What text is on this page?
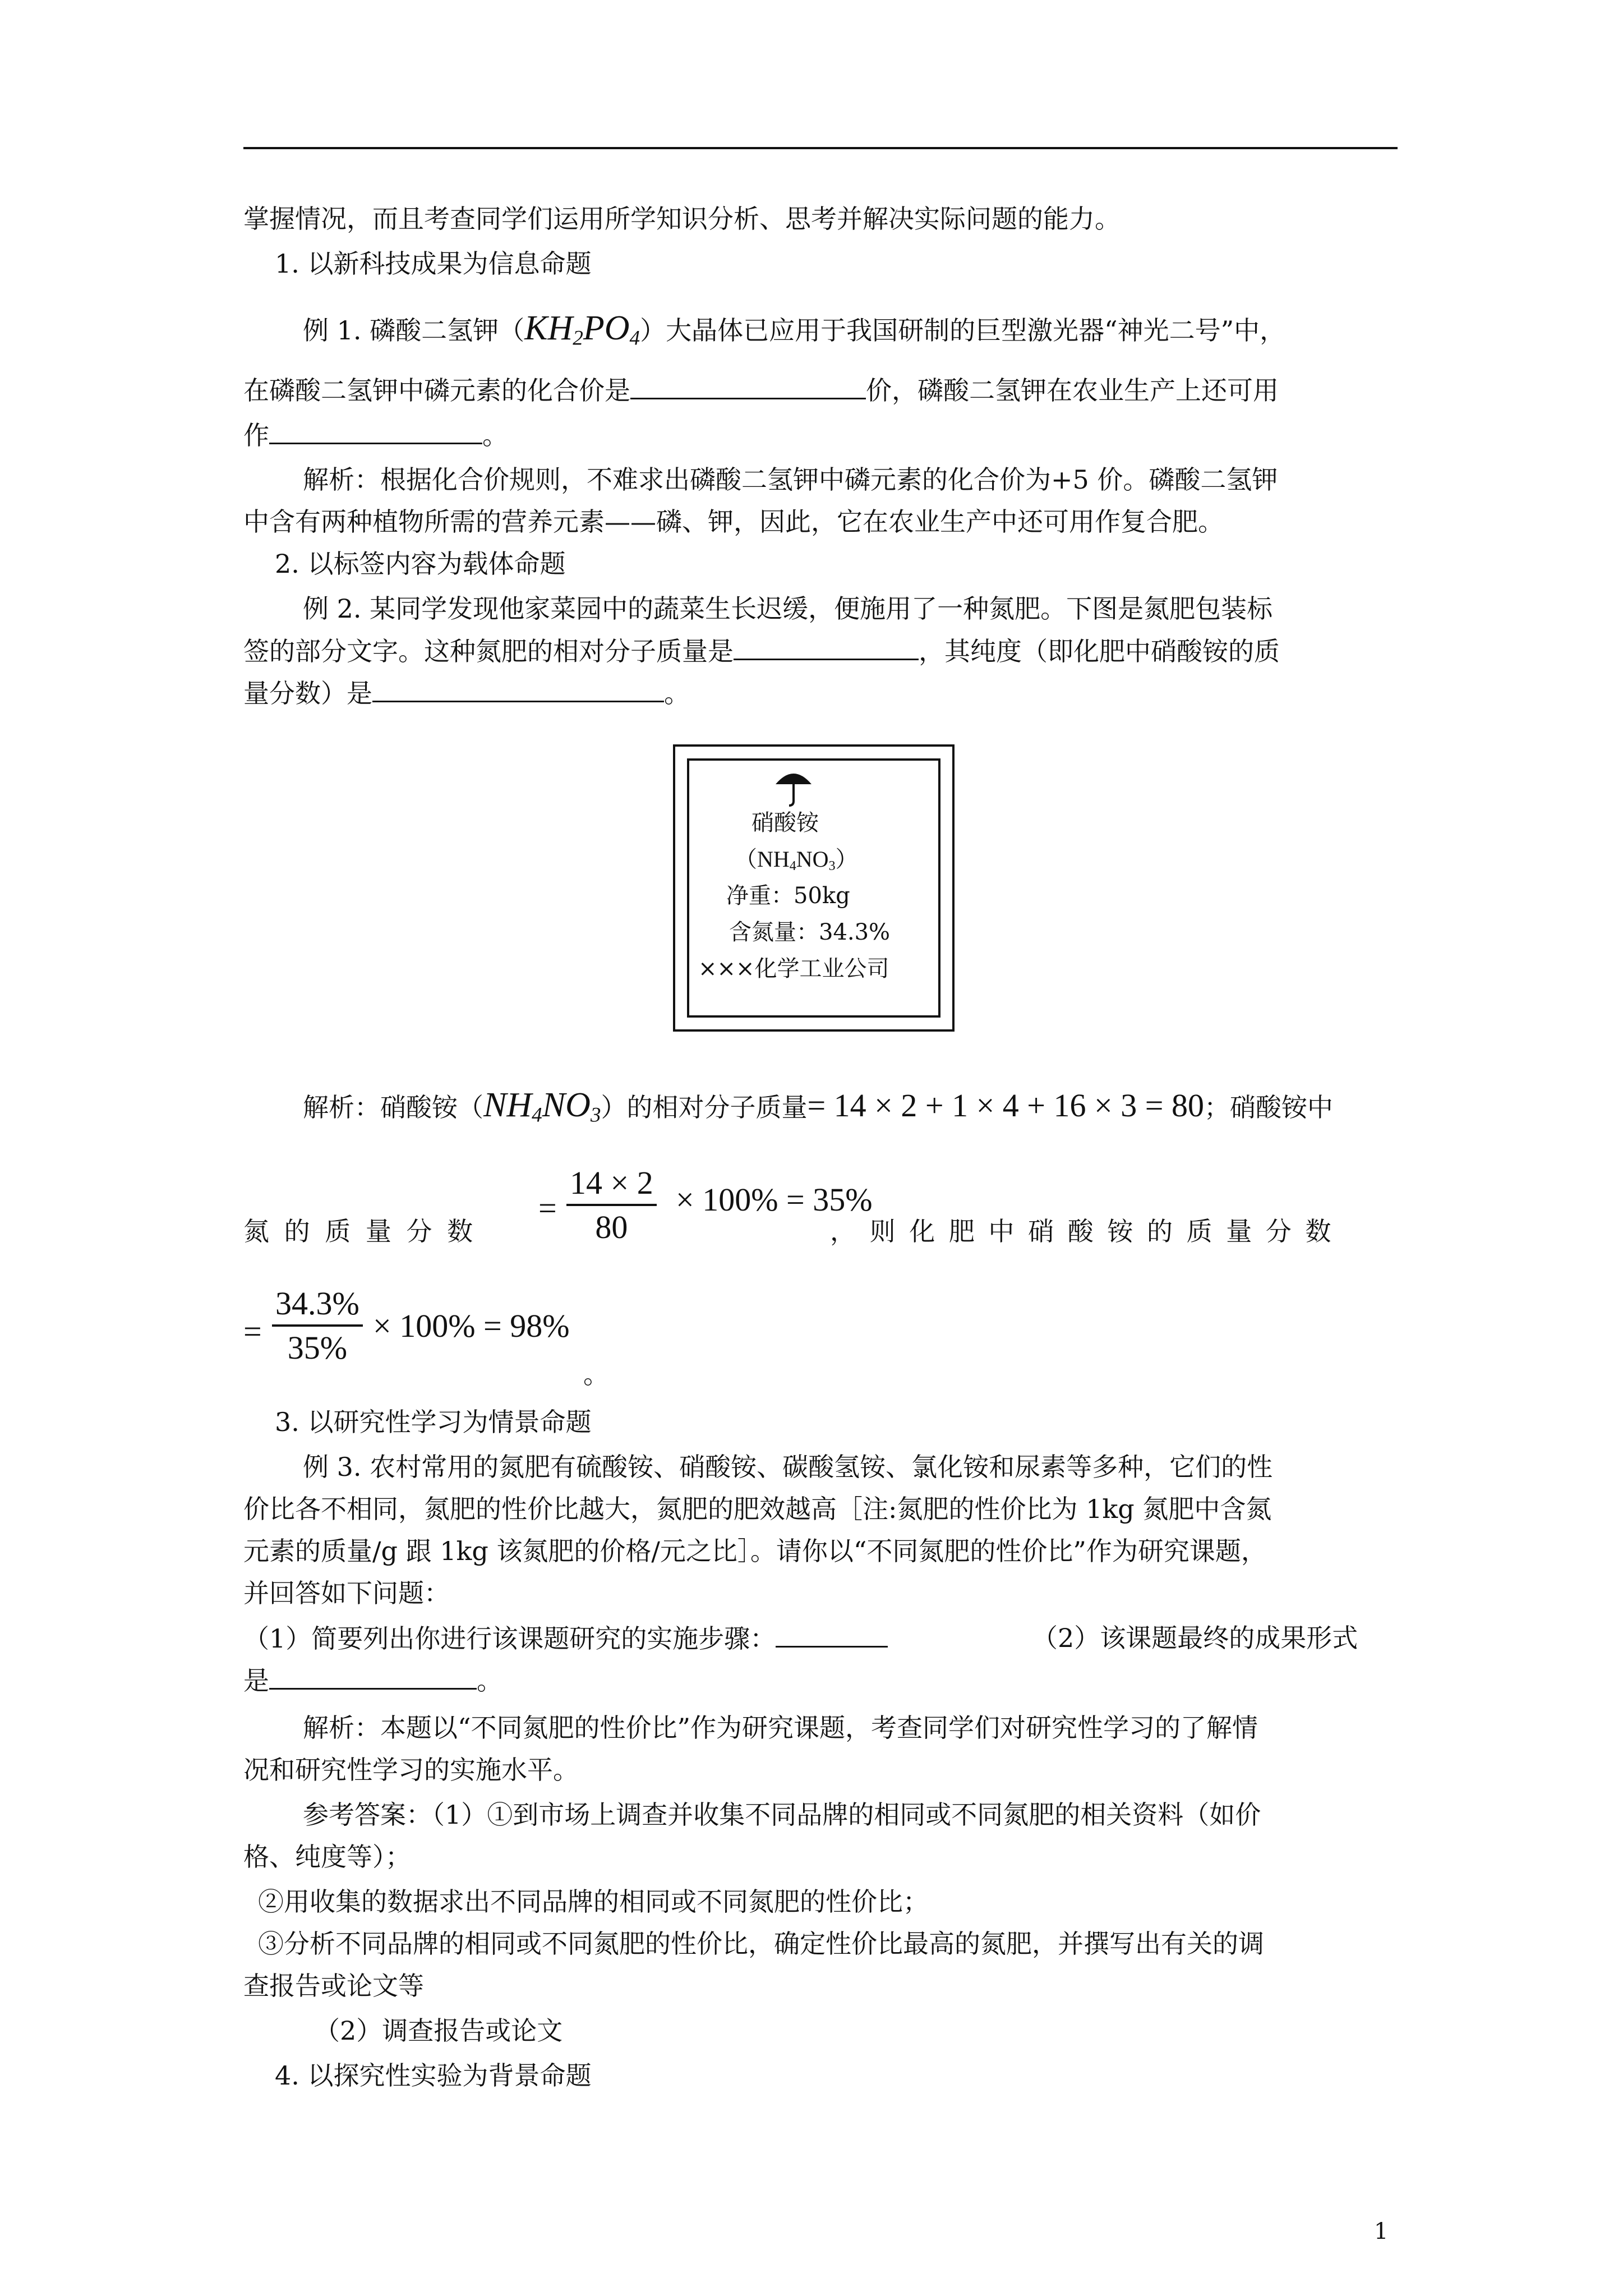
掌握情况，而且考查同学们运用所学知识分析、思考并解决实际问题的能力。
1. 以新科技成果为信息命题
例 1. 磷酸二氢钾$(KH_2PO_4)$大晶体已应用于我国研制的巨型激光器“神光二号”中，
在磷酸二氢钾中磷元素的化合价是	价，磷酸二氢钾在农业生产上还可用
作	。
解析：根据化合价规则，不难求出磷酸二氢钾中磷元素的化合价为+5 价。磷酸二氢钾
中含有两种植物所需的营养元素——磷、钾，因此，它在农业生产中还可用作复合肥。
2. 以标签内容为载体命题
例 2. 某同学发现他家菜园中的蔬菜生长迟缓，便施用了一种氮肥。下图是氮肥包装标
签的部分文字。这种氮肥的相对分子质量是	，其纯度（即化肥中硝酸铵的质
量分数）是	。
硝酸铵
$(NH_4NO_3)$
净重：50kg
含氮量：34.3%
×××化学工业公司
解析：硝酸铵$(NH_4NO_3)$的相对分子质量= 14 × 2 + 1 × 4 + 16 × 3 = 80；硝酸铵中
氮 的 质 量 分 数
=
14 × 2
80
× 100% = 35%
， 则 化 肥 中 硝 酸 铵 的 质 量 分 数
=
34.3%
35%
× 100% = 98%
。
3. 以研究性学习为情景命题
例 3. 农村常用的氮肥有硫酸铵、硝酸铵、碳酸氢铵、氯化铵和尿素等多种，它们的性
价比各不相同，氮肥的性价比越大，氮肥的肥效越高［注:氮肥的性价比为 1kg 氮肥中含氮
元素的质量/g 跟 1kg 该氮肥的价格/元之比］。请你以“不同氮肥的性价比”作为研究课题，
并回答如下问题：
（1）简要列出你进行该课题研究的实施步骤：	（2）该课题最终的成果形式
是	。
解析：本题以“不同氮肥的性价比”作为研究课题，考查同学们对研究性学习的了解情
况和研究性学习的实施水平。
参考答案：（1）①到市场上调查并收集不同品牌的相同或不同氮肥的相关资料（如价
格、纯度等）；
②用收集的数据求出不同品牌的相同或不同氮肥的性价比；
③分析不同品牌的相同或不同氮肥的性价比，确定性价比最高的氮肥，并撰写出有关的调
查报告或论文等
（2）调查报告或论文
4. 以探究性实验为背景命题
1
